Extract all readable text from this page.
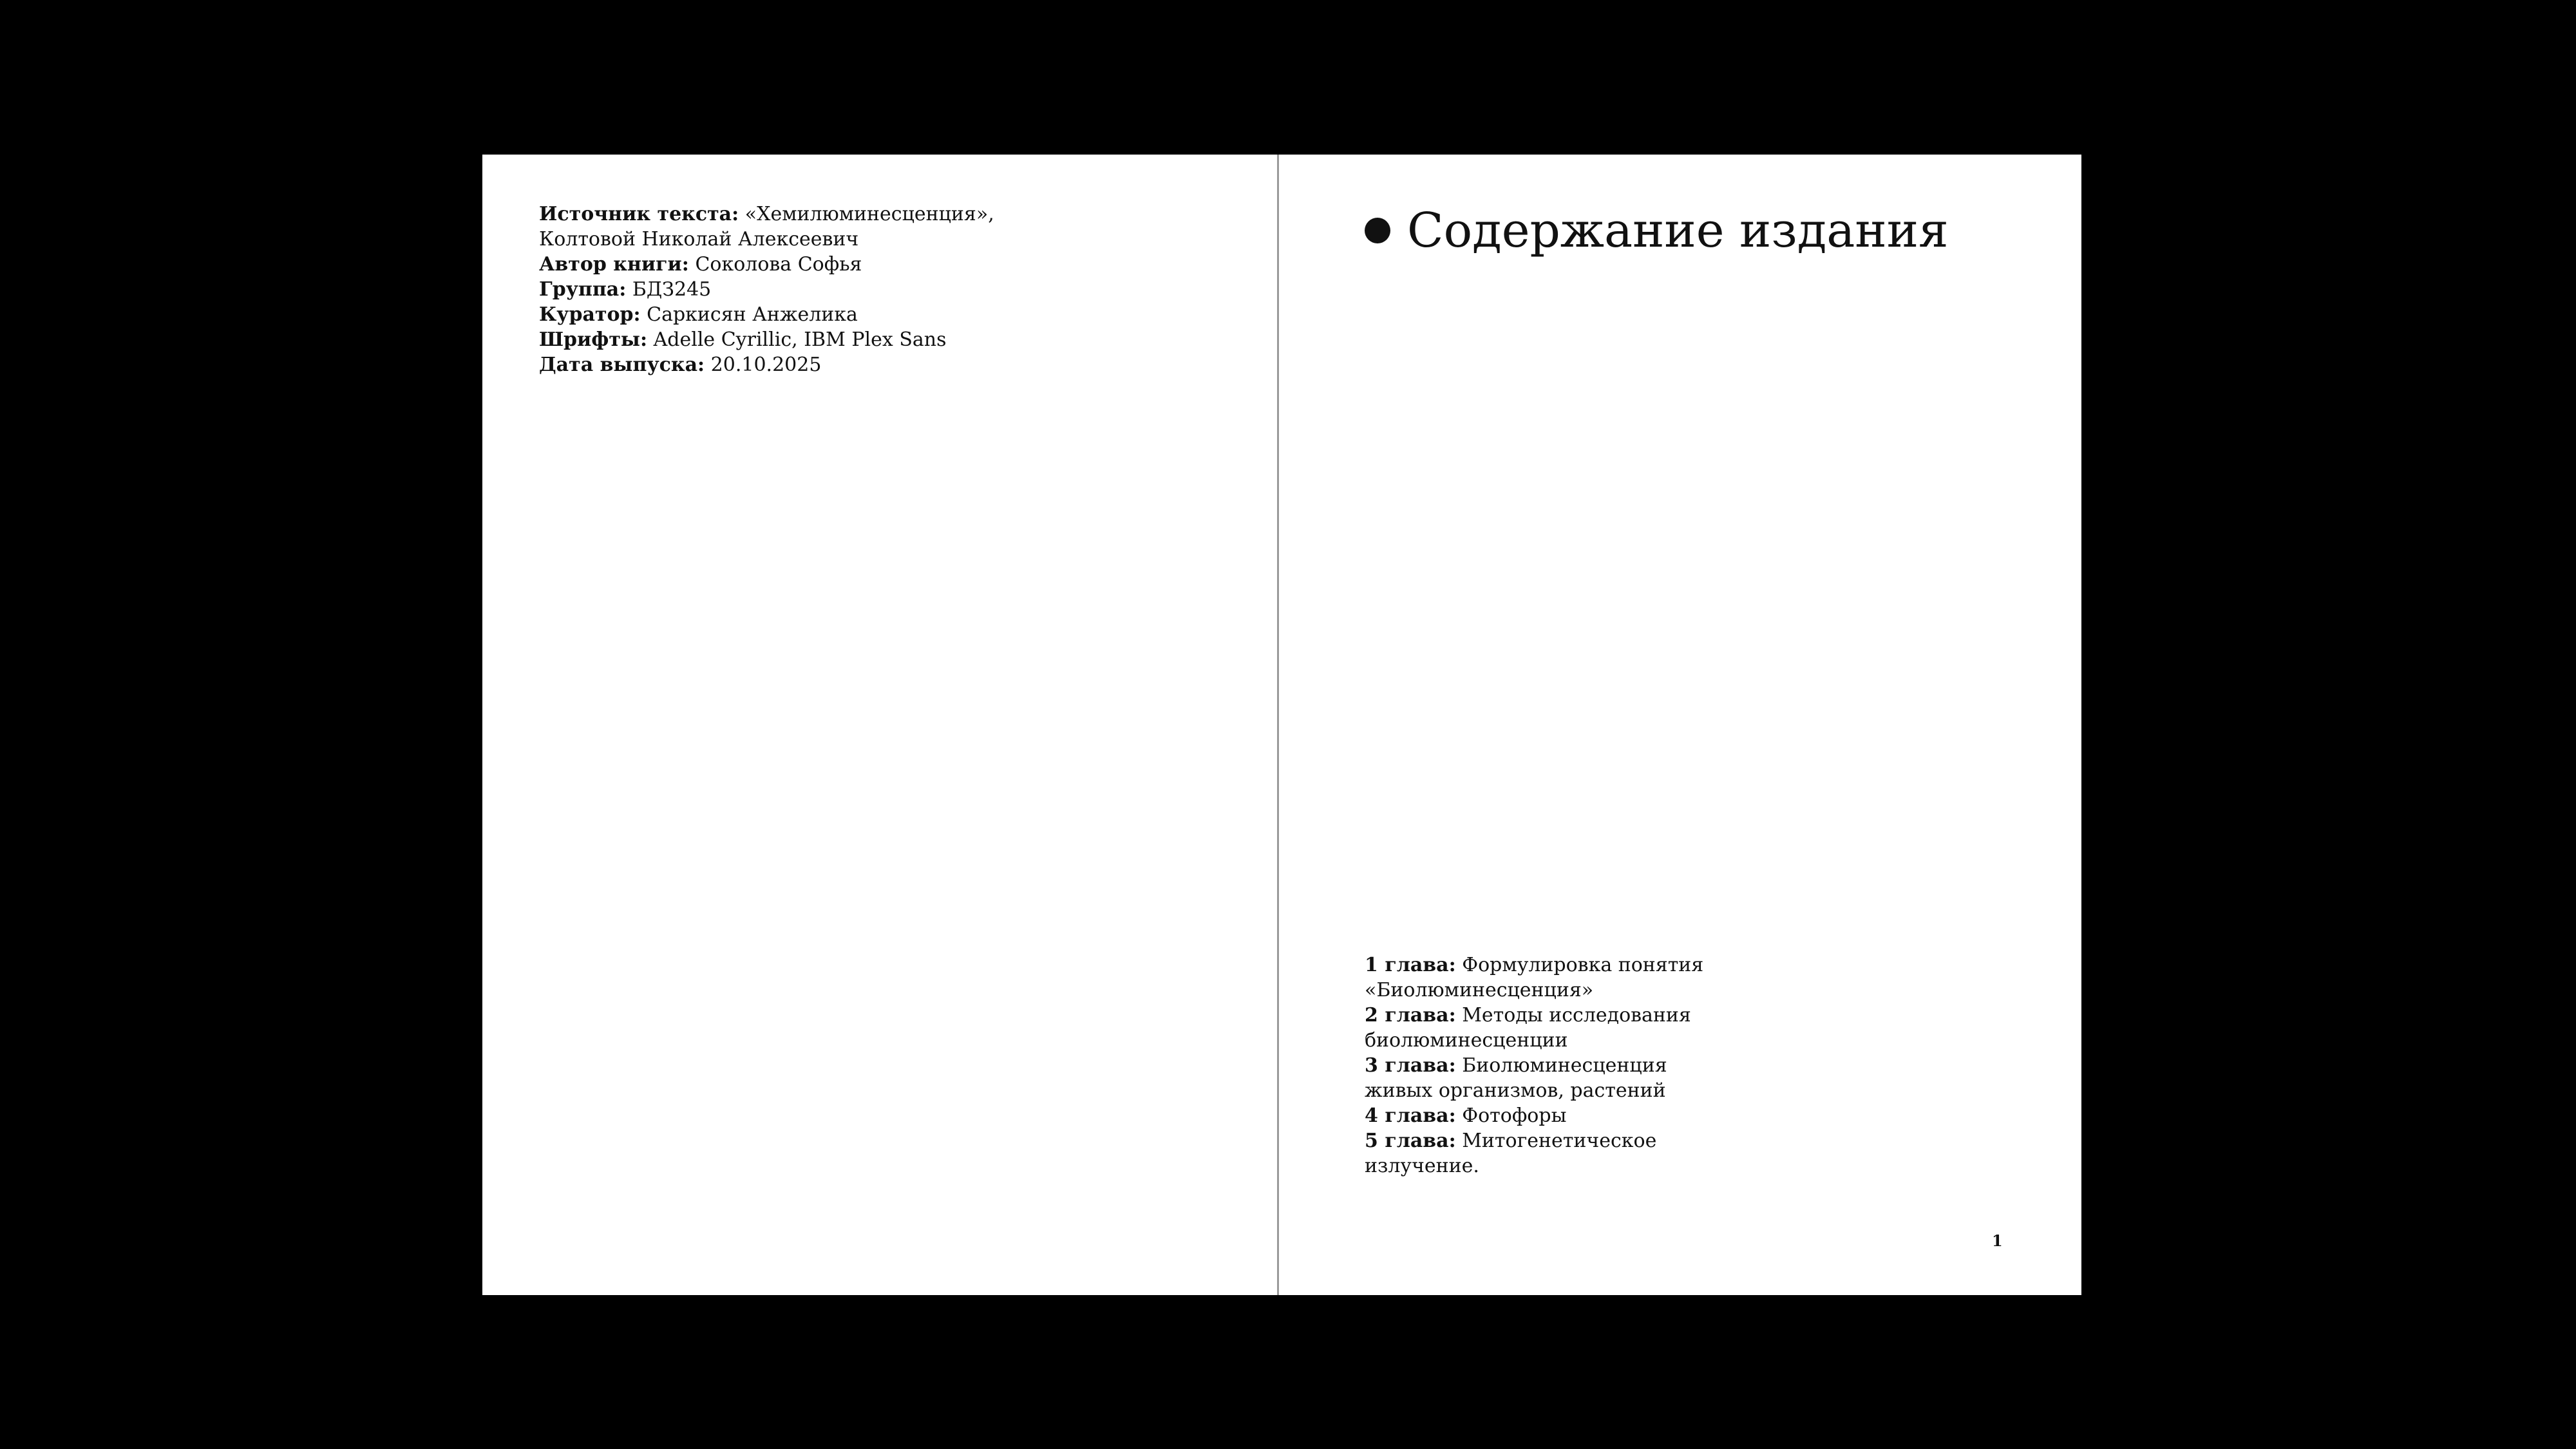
Источник текста: «Хемилюминесценция»,
Колтовой Николай Алексеевич
Автор книги: Соколова Софья
Группа: БДЗ245
Куратор: Саркисян Анжелика
Шрифты: Adelle Cyrillic, IBM Plex Sans
Дата выпуска: 20.10.2025
Содержание издания
1 глава: Формулировка понятия
«Биолюминесценция»
2 глава: Методы исследования
биолюминесценции
3 глава: Биолюминесценция
живых организмов, растений
4 глава: Фотофоры
5 глава: Митогенетическое
излучение.
1
